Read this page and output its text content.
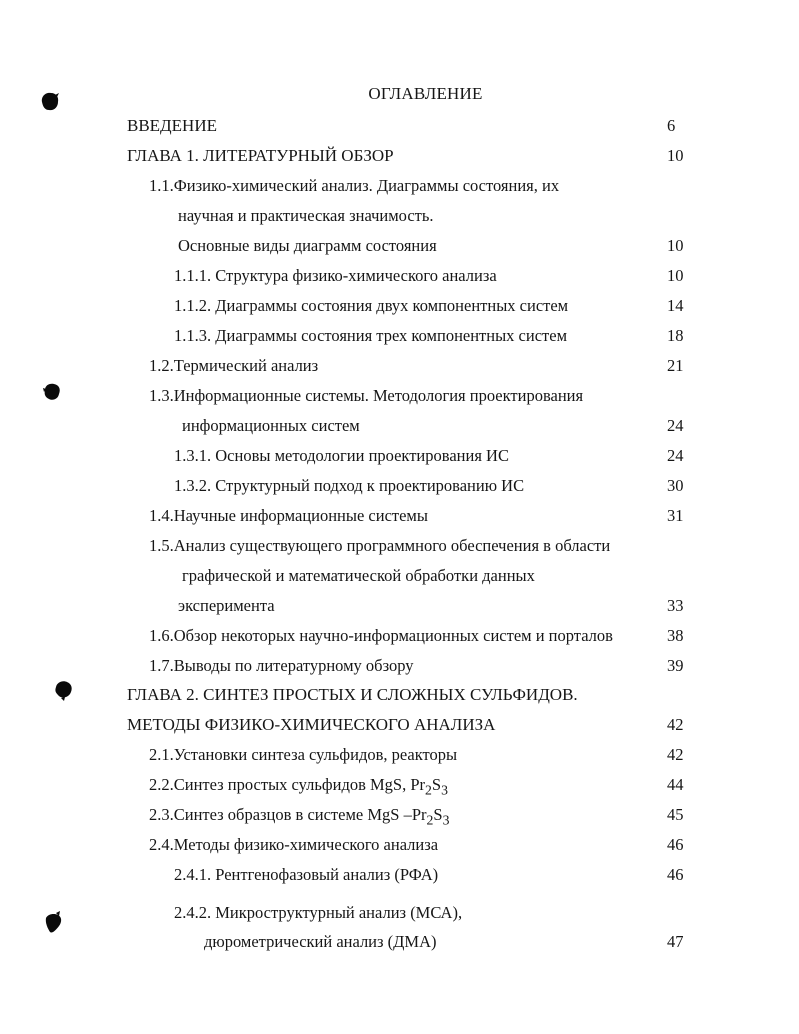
ОГЛАВЛЕНИЕ
ВВЕДЕНИЕ	6
ГЛАВА 1. ЛИТЕРАТУРНЫЙ ОБЗОР	10
1.1.Физико-химический анализ. Диаграммы состояния, их
научная и практическая значимость.
Основные виды диаграмм состояния	10
1.1.1. Структура физико-химического анализа	10
1.1.2. Диаграммы состояния двух компонентных систем	14
1.1.3. Диаграммы состояния трех компонентных систем	18
1.2.Термический анализ	21
1.3.Информационные системы. Методология проектирования
информационных систем	24
1.3.1. Основы методологии проектирования ИС	24
1.3.2. Структурный подход к проектированию ИС	30
1.4.Научные информационные системы	31
1.5.Анализ существующего программного обеспечения в области
графической и математической обработки данных
эксперимента	33
1.6.Обзор некоторых научно-информационных систем и порталов	38
1.7.Выводы по литературному обзору	39
ГЛАВА 2. СИНТЕЗ ПРОСТЫХ И СЛОЖНЫХ СУЛЬФИДОВ.
МЕТОДЫ ФИЗИКО-ХИМИЧЕСКОГО АНАЛИЗА	42
2.1.Установки синтеза сульфидов, реакторы	42
2.2.Синтез простых сульфидов MgS, $Pr_2S_3$	44
2.3.Синтез образцов в системе MgS $-Pr_2S_3$	45
2.4.Методы физико-химического анализа	46
2.4.1. Рентгенофазовый анализ (РФА)	46
2.4.2. Микроструктурный анализ (МСА),
дюрометрический анализ (ДМА)	47
